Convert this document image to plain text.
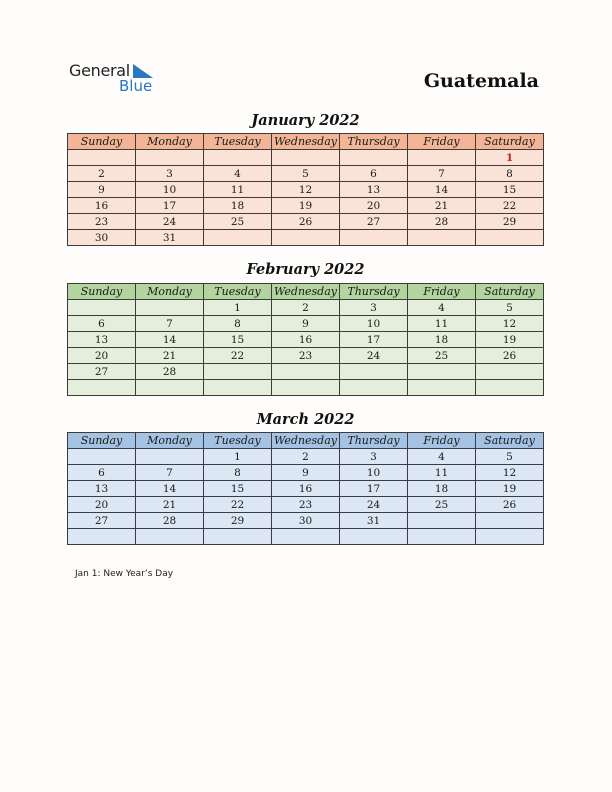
General
Blue	Guatemala
January 2022
Sunday	Monday	Tuesday	Wednesday	Thursday	Friday	Saturday
						1
2	3	4	5	6	7	8
9	10	11	12	13	14	15
16	17	18	19	20	21	22
23	24	25	26	27	28	29
30	31					
February 2022
Sunday	Monday	Tuesday	Wednesday	Thursday	Friday	Saturday
		1	2	3	4	5
6	7	8	9	10	11	12
13	14	15	16	17	18	19
20	21	22	23	24	25	26
27	28					

March 2022
Sunday	Monday	Tuesday	Wednesday	Thursday	Friday	Saturday
		1	2	3	4	5
6	7	8	9	10	11	12
13	14	15	16	17	18	19
20	21	22	23	24	25	26
27	28	29	30	31		

Jan 1: New Year’s Day
